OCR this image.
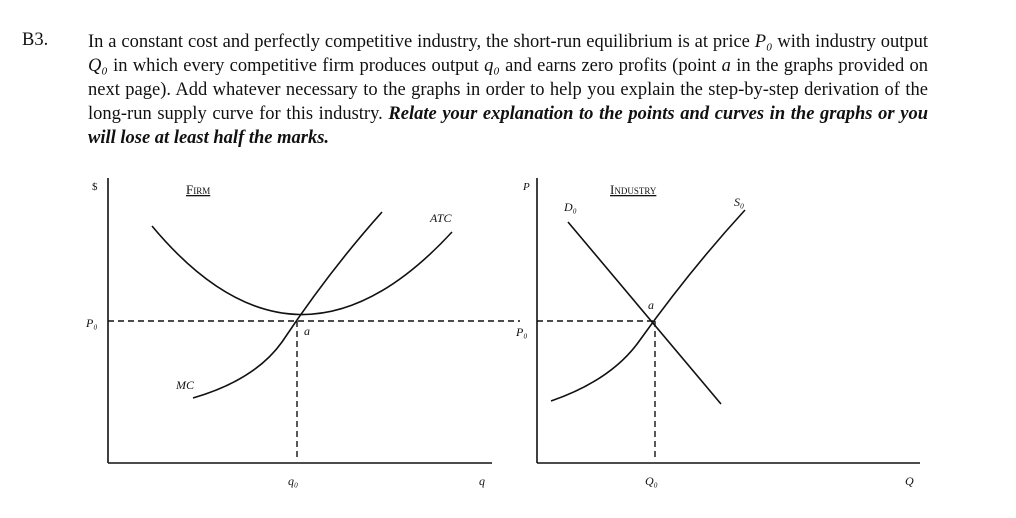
B3. In a constant cost and perfectly competitive industry, the short-run equilibrium is at price P₀ with industry output Q₀ in which every competitive firm produces output q₀ and earns zero profits (point a in the graphs provided on next page). Add whatever necessary to the graphs in order to help you explain the step-by-step derivation of the long-run supply curve for this industry. Relate your explanation to the points and curves in the graphs or you will lose at least half the marks.
$	Firm
ATC
MC
P₀
a
q₀	q
P	Industry
D₀	S₀
P₀
a
Q₀	Q
